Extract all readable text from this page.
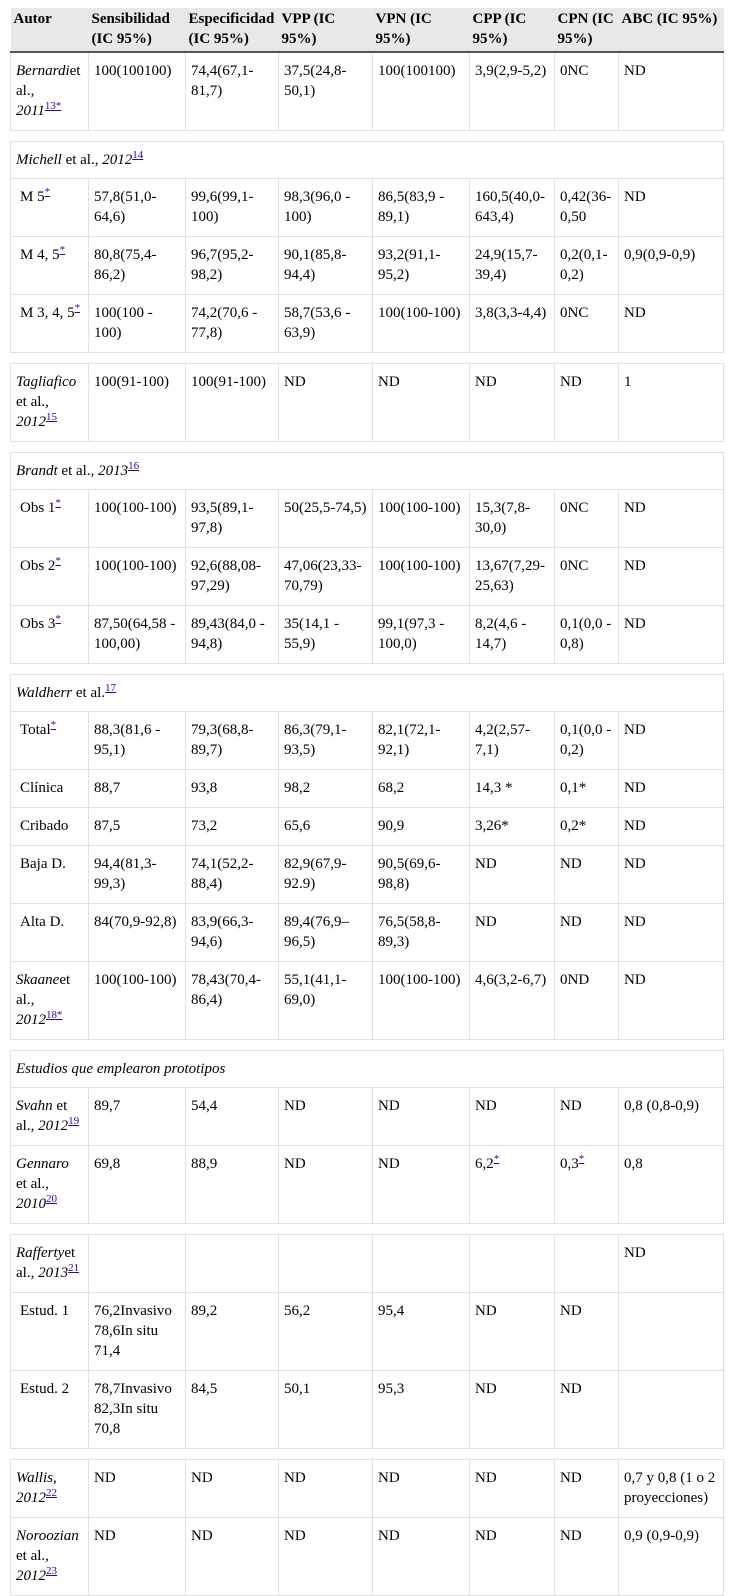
Autor	Sensibilidad (IC 95%)	Especificidad (IC 95%)	VPP (IC 95%)	VPN (IC 95%)	CPP (IC 95%)	CPN (IC 95%)	ABC (IC 95%)
Bernardiet al., 2011$^{13*}$	100(100100)	74,4(67,1-81,7)	37,5(24,8-50,1)	100(100100)	3,9(2,9-5,2)	0NC	ND

Michell et al., 2012$^{14}$
M 5*	57,8(51,0-64,6)	99,6(99,1-100)	98,3(96,0 - 100)	86,5(83,9 - 89,1)	160,5(40,0-643,4)	0,42(36-0,50	ND
M 4, 5*	80,8(75,4-86,2)	96,7(95,2-98,2)	90,1(85,8-94,4)	93,2(91,1-95,2)	24,9(15,7-39,4)	0,2(0,1-0,2)	0,9(0,9-0,9)
M 3, 4, 5*	100(100 - 100)	74,2(70,6 - 77,8)	58,7(53,6 - 63,9)	100(100-100)	3,8(3,3-4,4)	0NC	ND

Tagliafico et al., 2012$^{15}$	100(91-100)	100(91-100)	ND	ND	ND	ND	1

Brandt et al., 2013$^{16}$
Obs 1*	100(100-100)	93,5(89,1-97,8)	50(25,5-74,5)	100(100-100)	15,3(7,8-30,0)	0NC	ND
Obs 2*	100(100-100)	92,6(88,08-97,29)	47,06(23,33-70,79)	100(100-100)	13,67(7,29-25,63)	0NC	ND
Obs 3*	87,50(64,58 - 100,00)	89,43(84,0 - 94,8)	35(14,1 - 55,9)	99,1(97,3 - 100,0)	8,2(4,6 - 14,7)	0,1(0,0 - 0,8)	ND

Waldherr et al.$^{17}$
Total*	88,3(81,6 - 95,1)	79,3(68,8-89,7)	86,3(79,1-93,5)	82,1(72,1-92,1)	4,2(2,57-7,1)	0,1(0,0 - 0,2)	ND
Clínica	88,7	93,8	98,2	68,2	14,3 *	0,1*	ND
Cribado	87,5	73,2	65,6	90,9	3,26*	0,2*	ND
Baja D.	94,4(81,3-99,3)	74,1(52,2-88,4)	82,9(67,9-92.9)	90,5(69,6-98,8)	ND	ND	ND
Alta D.	84(70,9-92,8)	83,9(66,3-94,6)	89,4(76,9–96,5)	76,5(58,8-89,3)	ND	ND	ND
Skaaneet al., 2012$^{18*}$	100(100-100)	78,43(70,4-86,4)	55,1(41,1-69,0)	100(100-100)	4,6(3,2-6,7)	0ND	ND

Estudios que emplearon prototipos							
Svahn et al., 2012$^{19}$	89,7	54,4	ND	ND	ND	ND	0,8 (0,8-0,9)
Gennaro et al., 2010$^{20}$	69,8	88,9	ND	ND	6,2*	0,3*	0,8

Raffertyet al., 2013$^{21}$							ND
Estud. 1	76,2Invasivo 78,6In situ 71,4	89,2	56,2	95,4	ND	ND	
Estud. 2	78,7Invasivo 82,3In situ 70,8	84,5	50,1	95,3	ND	ND	

Wallis, 2012$^{22}$	ND	ND	ND	ND	ND	ND	0,7 y 0,8 (1 o 2 proyecciones)
Noroozian et al., 2012$^{23}$	ND	ND	ND	ND	ND	ND	0,9 (0,9-0,9)
